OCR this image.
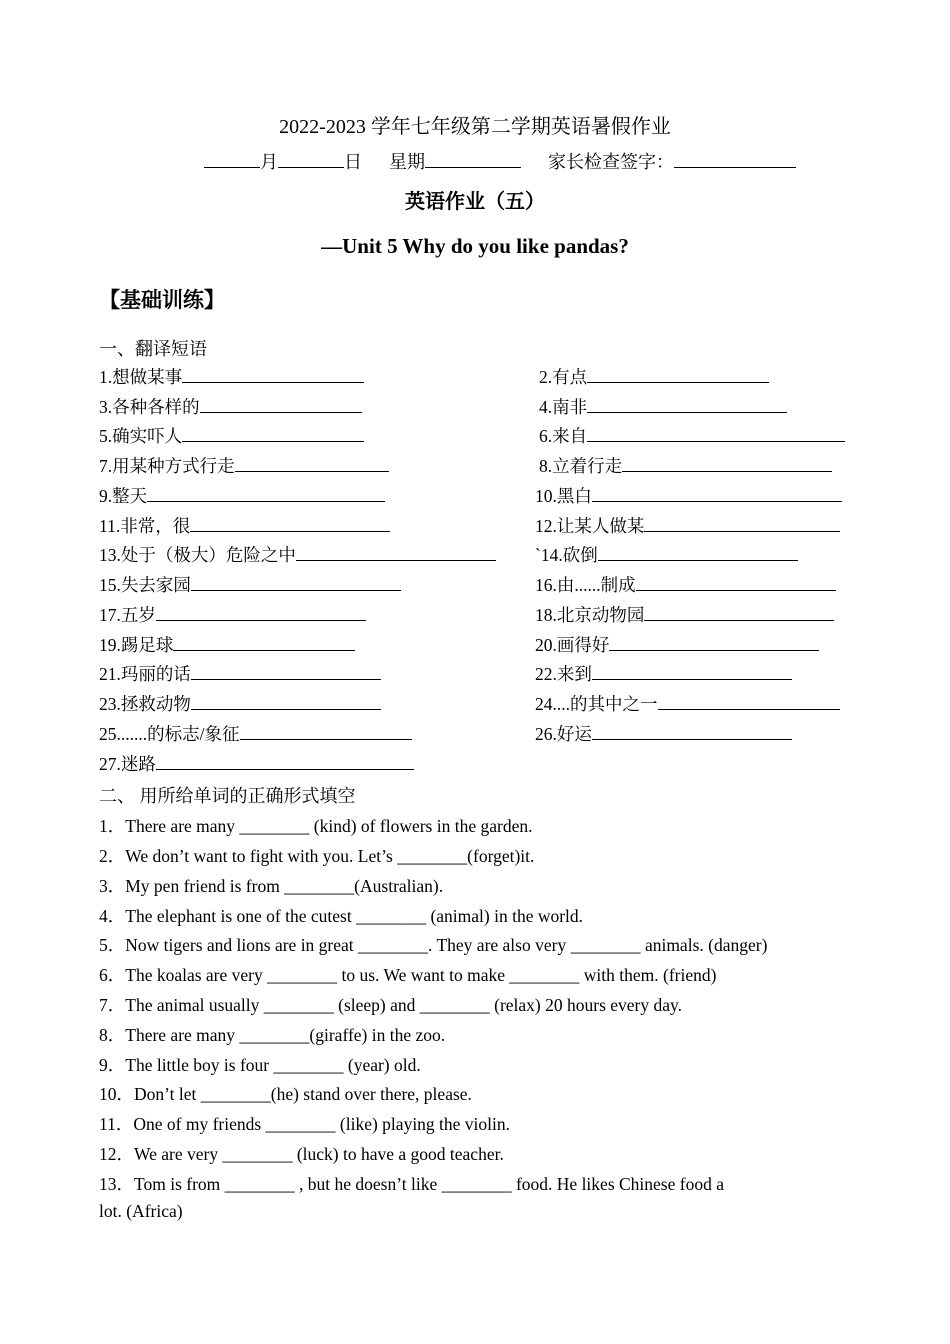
2022-2023 学年七年级第二学期英语暑假作业
月	日 星期	家长检查签字：
英语作业（五）
—Unit 5 Why do you like pandas?
【基础训练】
一、翻译短语
1.想做某事	2.有点
3.各种各样的	4.南非
5.确实吓人	6.来自
7.用某种方式行走	8.立着行走
9.整天	10.黑白
11.非常，很	12.让某人做某
13.处于（极大）危险之中	`14.砍倒
15.失去家园	16.由......制成
17.五岁	18.北京动物园
19.踢足球	20.画得好
21.玛丽的话	22.来到
23.拯救动物	24....的其中之一
25.......的标志/象征	26.好运
27.迷路
二、 用所给单词的正确形式填空
1．There are many ________ (kind) of flowers in the garden.
2．We don’t want to fight with you. Let’s ________(forget)it.
3．My pen friend is from ________(Australian).
4．The elephant is one of the cutest ________ (animal) in the world.
5．Now tigers and lions are in great ________. They are also very ________ animals. (danger)
6．The koalas are very ________ to us. We want to make ________ with them. (friend)
7．The animal usually ________ (sleep) and ________ (relax) 20 hours every day.
8．There are many ________(giraffe) in the zoo.
9．The little boy is four ________ (year) old.
10．Don’t let ________(he) stand over there, please.
11．One of my friends ________ (like) playing the violin.
12．We are very ________ (luck) to have a good teacher.
13．Tom is from ________ , but he doesn’t like ________ food. He likes Chinese food a
lot. (Africa)
